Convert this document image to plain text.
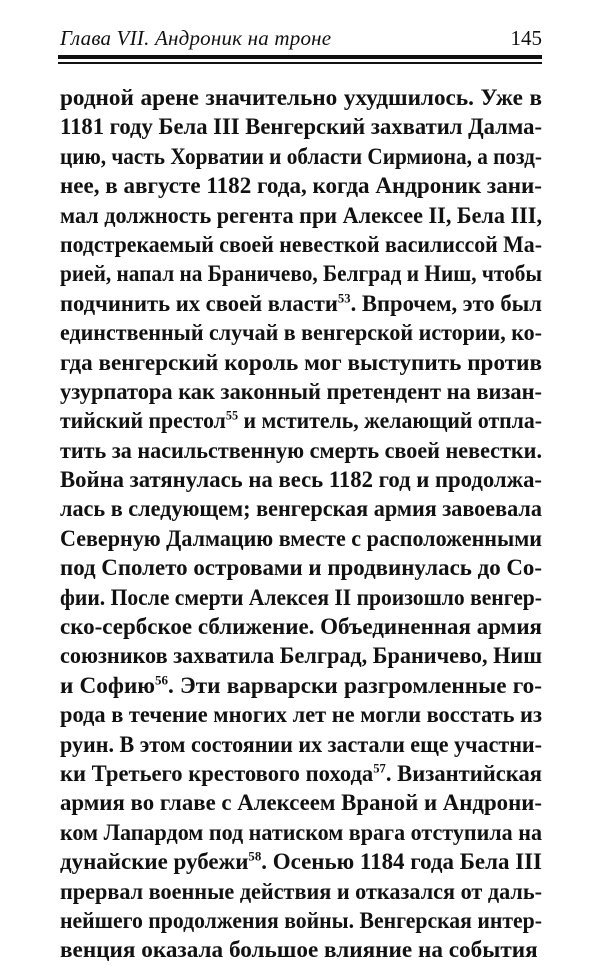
Глава VII. Андроник на троне	145
родной арене значительно ухудшилось. Уже в
1181 году Бела III Венгерский захватил Далма-
цию, часть Хорватии и области Сирмиона, а позд-
нее, в августе 1182 года, когда Андроник зани-
мал должность регента при Алексее II, Бела III,
подстрекаемый своей невесткой василиссой Ма-
рией, напал на Браничево, Белград и Ниш, чтобы
подчинить их своей власти$^{53}$. Впрочем, это был
единственный случай в венгерской истории, ко-
гда венгерский король мог выступить против
узурпатора как законный претендент на визан-
тийский престол$^{55}$ и мститель, желающий отпла-
тить за насильственную смерть своей невестки.
Война затянулась на весь 1182 год и продолжа-
лась в следующем; венгерская армия завоевала
Северную Далмацию вместе с расположенными
под Сполето островами и продвинулась до Со-
фии. После смерти Алексея II произошло венгер-
ско-сербское сближение. Объединенная армия
союзников захватила Белград, Браничево, Ниш
и Софию$^{56}$. Эти варварски разгромленные го-
рода в течение многих лет не могли восстать из
руин. В этом состоянии их застали еще участни-
ки Третьего крестового похода$^{57}$. Византийская
армия во главе с Алексеем Враной и Андрони-
ком Лапардом под натиском врага отступила на
дунайские рубежи$^{58}$. Осенью 1184 года Бела III
прервал военные действия и отказался от даль-
нейшего продолжения войны. Венгерская интер-
венция оказала большое влияние на события
